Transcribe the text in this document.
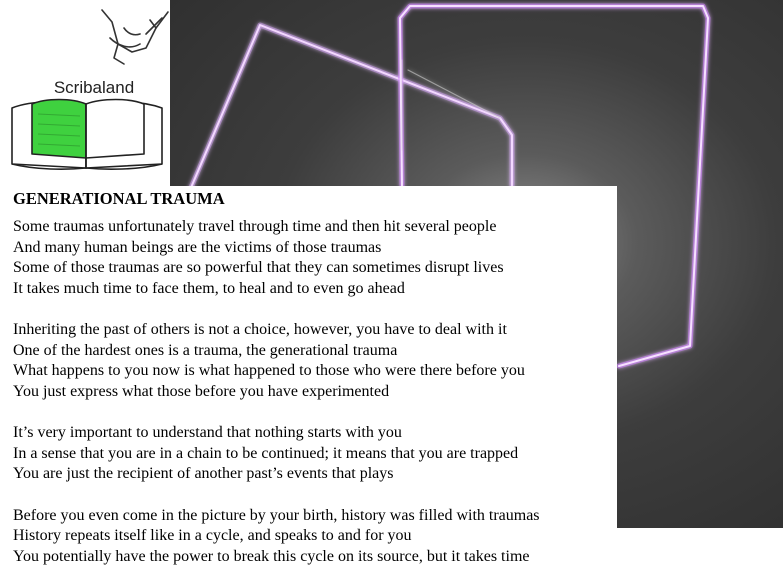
Scribaland
GENERATIONAL TRAUMA
Some traumas unfortunately travel through time and then hit several people
And many human beings are the victims of those traumas
Some of those traumas are so powerful that they can sometimes disrupt lives
It takes much time to face them, to heal and to even go ahead
Inheriting the past of others is not a choice, however, you have to deal with it
One of the hardest ones is a trauma, the generational trauma
What happens to you now is what happened to those who were there before you
You just express what those before you have experimented
It’s very important to understand that nothing starts with you
In a sense that you are in a chain to be continued; it means that you are trapped
You are just the recipient of another past’s events that plays
Before you even come in the picture by your birth, history was filled with traumas
History repeats itself like in a cycle, and speaks to and for you
You potentially have the power to break this cycle on its source, but it takes time
